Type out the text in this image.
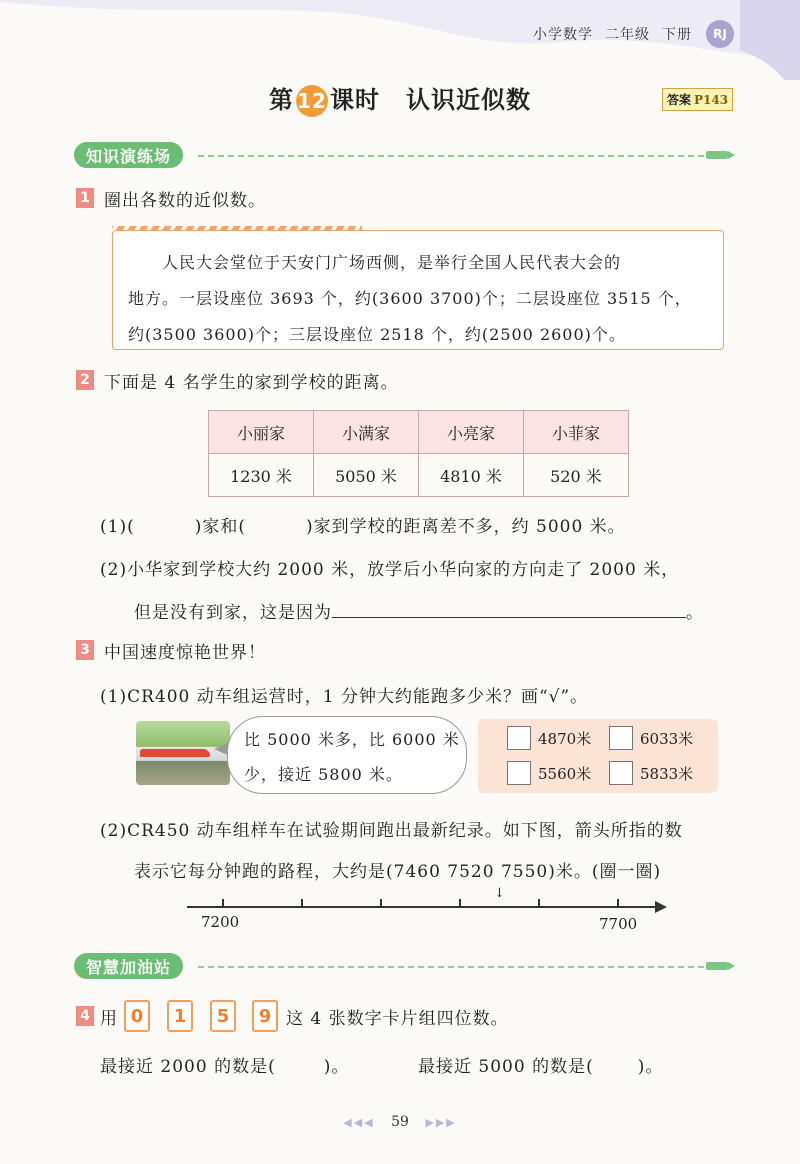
小学数学 二年级 下册	RJ
第 12 课时 认识近似数	答案 P143
知识演练场
1 圈出各数的近似数。
人民大会堂位于天安门广场西侧，是举行全国人民代表大会的
地方。一层设座位 3693 个，约(3600 3700)个；二层设座位 3515 个，
约(3500 3600)个；三层设座位 2518 个，约(2500 2600)个。
2 下面是 4 名学生的家到学校的距离。
小丽家	小满家	小亮家	小菲家
1230 米	5050 米	4810 米	520 米
(1)(	)家和(	)家到学校的距离差不多，约 5000 米。
(2)小华家到学校大约 2000 米，放学后小华向家的方向走了 2000 米，
但是没有到家，这是因为	。
3 中国速度惊艳世界！
(1)CR400 动车组运营时，1 分钟大约能跑多少米？画“√”。
比 5000 米多，比 6000 米
少，接近 5800 米。
4870米	6033米
5560米	5833米
(2)CR450 动车组样车在试验期间跑出最新纪录。如下图，箭头所指的数
表示它每分钟跑的路程，大约是(7460 7520 7550)米。(圈一圈)
↓
7200	7700
智慧加油站
4 用 0	1	5	9 这 4 张数字卡片组四位数。
最接近 2000 的数是(	)。	最接近 5000 的数是(	)。
◀◀◀ 59 ▶▶▶
